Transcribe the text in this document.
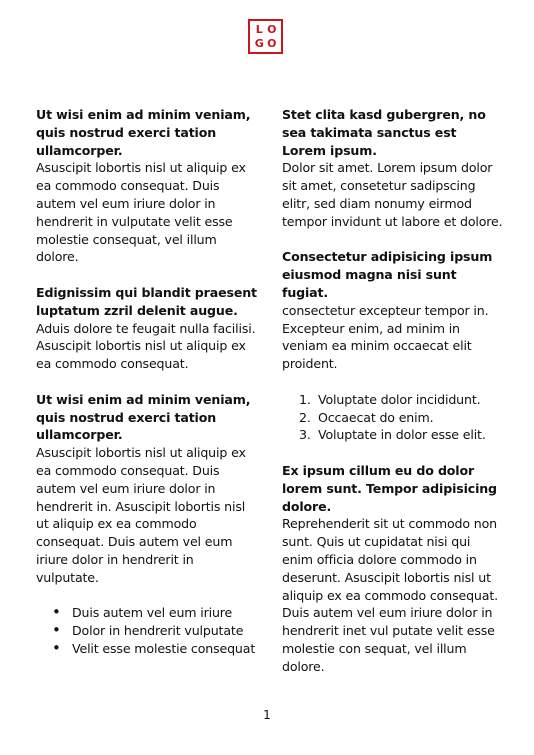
L O
G O

Ut wisi enim ad minim veniam, quis nostrud exerci tation ullamcorper.
Asuscipit lobortis nisl ut aliquip ex ea commodo consequat. Duis autem vel eum iriure dolor in hendrerit in vulputate velit esse molestie consequat, vel illum dolore.

Edignissim qui blandit praesent luptatum zzril delenit augue.
Aduis dolore te feugait nulla facilisi. Asuscipit lobortis nisl ut aliquip ex ea commodo consequat.

Ut wisi enim ad minim veniam, quis nostrud exerci tation ullamcorper.
Asuscipit lobortis nisl ut aliquip ex ea commodo consequat. Duis autem vel eum iriure dolor in hendrerit in. Asuscipit lobortis nisl ut aliquip ex ea commodo consequat. Duis autem vel eum iriure dolor in hendrerit in vulputate.

• Duis autem vel eum iriure
• Dolor in hendrerit vulputate
• Velit esse molestie consequat

Stet clita kasd gubergren, no sea takimata sanctus est Lorem ipsum.
Dolor sit amet. Lorem ipsum dolor sit amet, consetetur sadipscing elitr, sed diam nonumy eirmod tempor invidunt ut labore et dolore.

Consectetur adipisicing ipsum eiusmod magna nisi sunt fugiat.
consectetur excepteur tempor in. Excepteur enim, ad minim in veniam ea minim occaecat elit proident.

1. Voluptate dolor incididunt.
2. Occaecat do enim.
3. Voluptate in dolor esse elit.

Ex ipsum cillum eu do dolor lorem sunt. Tempor adipisicing dolore.
Reprehenderit sit ut commodo non sunt. Quis ut cupidatat nisi qui enim officia dolore commodo in deserunt. Asuscipit lobortis nisl ut aliquip ex ea commodo consequat. Duis autem vel eum iriure dolor in hendrerit inet vul putate velit esse molestie con sequat, vel illum dolore.

1
